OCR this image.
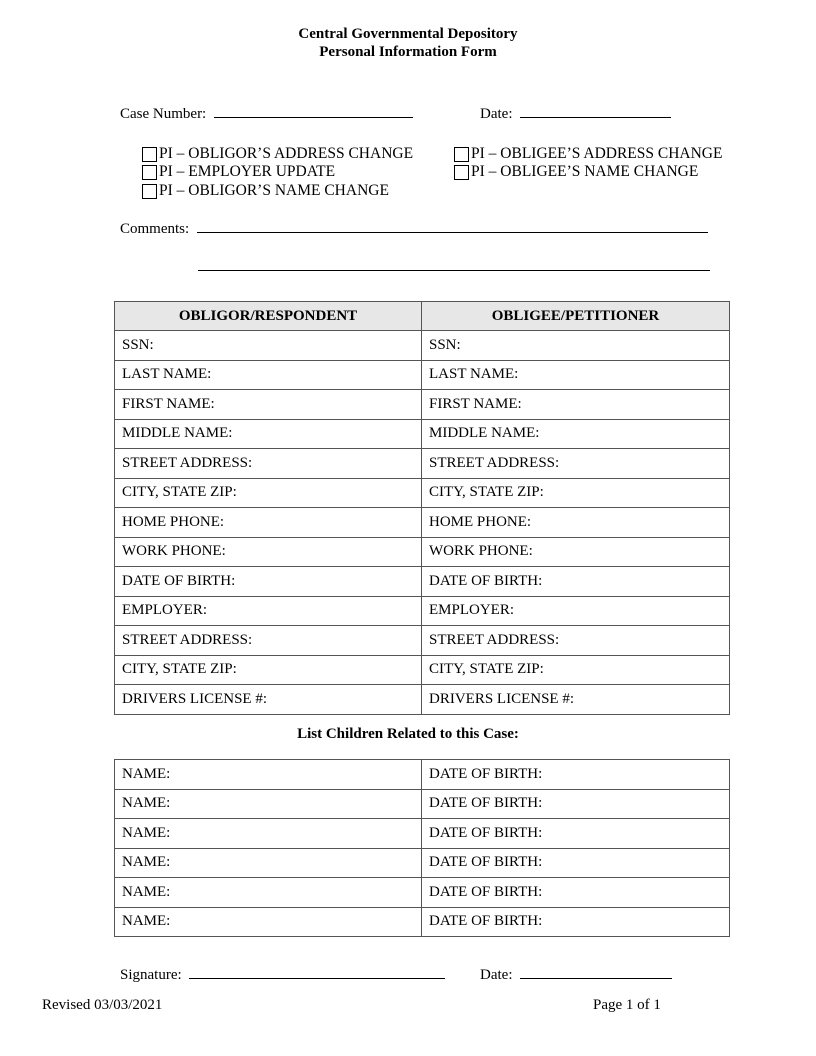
Central Governmental Depository
Personal Information Form
Case Number:	Date:
PI – OBLIGOR’S ADDRESS CHANGE
PI – EMPLOYER UPDATE
PI – OBLIGOR’S NAME CHANGE
PI – OBLIGEE’S ADDRESS CHANGE
PI – OBLIGEE’S NAME CHANGE
Comments:
OBLIGOR/RESPONDENT	OBLIGEE/PETITIONER
SSN:	SSN:
LAST NAME:	LAST NAME:
FIRST NAME:	FIRST NAME:
MIDDLE NAME:	MIDDLE NAME:
STREET ADDRESS:	STREET ADDRESS:
CITY, STATE ZIP:	CITY, STATE ZIP:
HOME PHONE:	HOME PHONE:
WORK PHONE:	WORK PHONE:
DATE OF BIRTH:	DATE OF BIRTH:
EMPLOYER:	EMPLOYER:
STREET ADDRESS:	STREET ADDRESS:
CITY, STATE ZIP:	CITY, STATE ZIP:
DRIVERS LICENSE #:	DRIVERS LICENSE #:
List Children Related to this Case:
NAME:	DATE OF BIRTH:
NAME:	DATE OF BIRTH:
NAME:	DATE OF BIRTH:
NAME:	DATE OF BIRTH:
NAME:	DATE OF BIRTH:
NAME:	DATE OF BIRTH:
Signature:	Date:
Revised 03/03/2021	Page 1 of 1
